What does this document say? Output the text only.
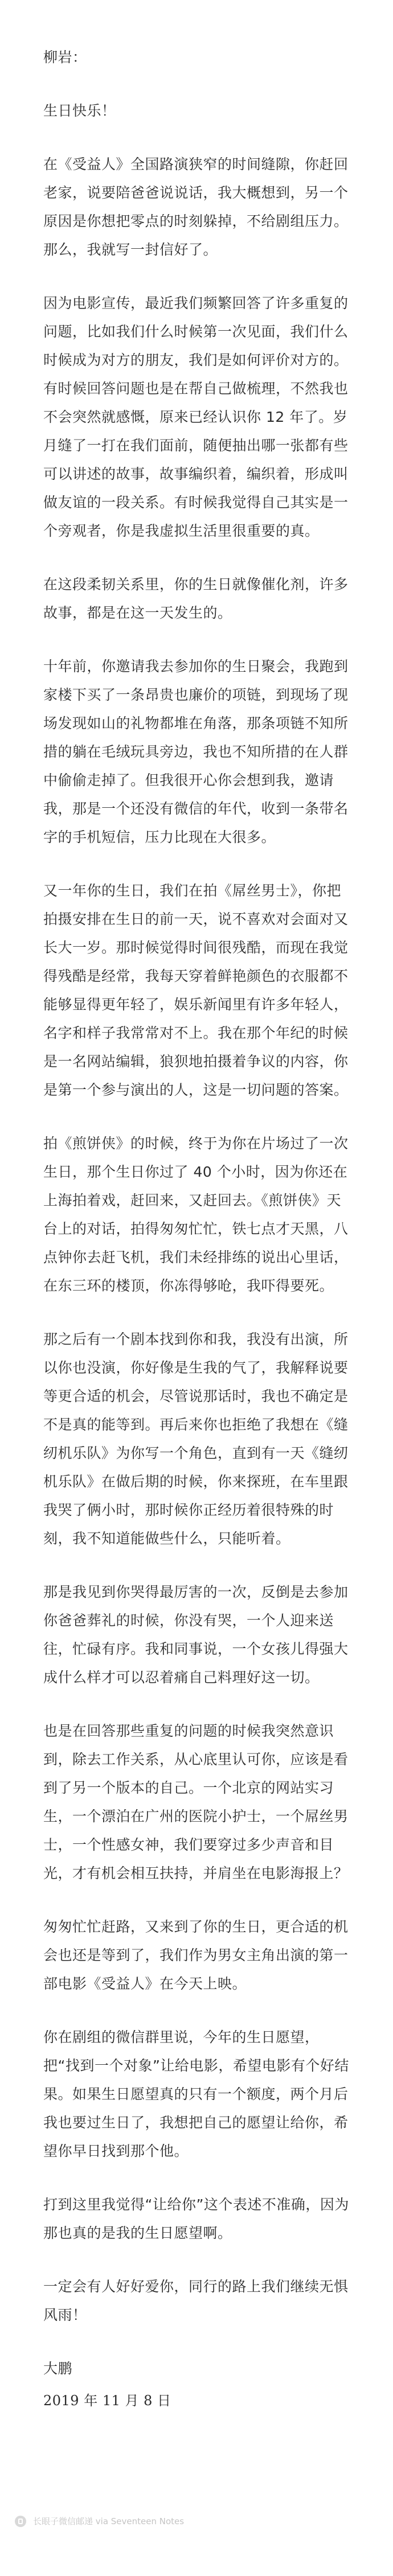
柳岩：

生日快乐！

在《受益人》全国路演狭窄的时间缝隙，你赶回老家，说要陪爸爸说说话，我大概想到，另一个原因是你想把零点的时刻躲掉，不给剧组压力。那么，我就写一封信好了。

因为电影宣传，最近我们频繁回答了许多重复的问题，比如我们什么时候第一次见面，我们什么时候成为对方的朋友，我们是如何评价对方的。有时候回答问题也是在帮自己做梳理，不然我也不会突然就感慨，原来已经认识你 12 年了。岁月缝了一打在我们面前，随便抽出哪一张都有些可以讲述的故事，故事编织着，编织着，形成叫做友谊的一段关系。有时候我觉得自己其实是一个旁观者，你是我虚拟生活里很重要的真。

在这段柔韧关系里，你的生日就像催化剂，许多故事，都是在这一天发生的。

十年前，你邀请我去参加你的生日聚会，我跑到家楼下买了一条昂贵也廉价的项链，到现场了现场发现如山的礼物都堆在角落，那条项链不知所措的躺在毛绒玩具旁边，我也不知所措的在人群中偷偷走掉了。但我很开心你会想到我，邀请我，那是一个还没有微信的年代，收到一条带名字的手机短信，压力比现在大很多。

又一年你的生日，我们在拍《屌丝男士》，你把拍摄安排在生日的前一天，说不喜欢对会面对又长大一岁。那时候觉得时间很残酷，而现在我觉得残酷是经常，我每天穿着鲜艳颜色的衣服都不能够显得更年轻了，娱乐新闻里有许多年轻人，名字和样子我常常对不上。我在那个年纪的时候是一名网站编辑，狼狈地拍摄着争议的内容，你是第一个参与演出的人，这是一切问题的答案。

拍《煎饼侠》的时候，终于为你在片场过了一次生日，那个生日你过了 40 个小时，因为你还在上海拍着戏，赶回来，又赶回去。《煎饼侠》天台上的对话，拍得匆匆忙忙，铁七点才天黑，八点钟你去赶飞机，我们未经排练的说出心里话，在东三环的楼顶，你冻得够呛，我吓得要死。

那之后有一个剧本找到你和我，我没有出演，所以你也没演，你好像是生我的气了，我解释说要等更合适的机会，尽管说那话时，我也不确定是不是真的能等到。再后来你也拒绝了我想在《缝纫机乐队》为你写一个角色，直到有一天《缝纫机乐队》在做后期的时候，你来探班，在车里跟我哭了俩小时，那时候你正经历着很特殊的时刻，我不知道能做些什么，只能听着。

那是我见到你哭得最厉害的一次，反倒是去参加你爸爸葬礼的时候，你没有哭，一个人迎来送往，忙碌有序。我和同事说，一个女孩儿得强大成什么样才可以忍着痛自己料理好这一切。

也是在回答那些重复的问题的时候我突然意识到，除去工作关系，从心底里认可你，应该是看到了另一个版本的自己。一个北京的网站实习生，一个漂泊在广州的医院小护士，一个屌丝男士，一个性感女神，我们要穿过多少声音和目光，才有机会相互扶持，并肩坐在电影海报上？

匆匆忙忙赶路，又来到了你的生日，更合适的机会也还是等到了，我们作为男女主角出演的第一部电影《受益人》在今天上映。

你在剧组的微信群里说，今年的生日愿望，把“找到一个对象”让给电影，希望电影有个好结果。如果生日愿望真的只有一个额度，两个月后我也要过生日了，我想把自己的愿望让给你，希望你早日找到那个他。

打到这里我觉得“让给你”这个表述不准确，因为那也真的是我的生日愿望啊。

一定会有人好好爱你，同行的路上我们继续无惧风雨！

大鹏

2019 年 11 月 8 日

长眼子微信邮递 via Seventeen Notes
